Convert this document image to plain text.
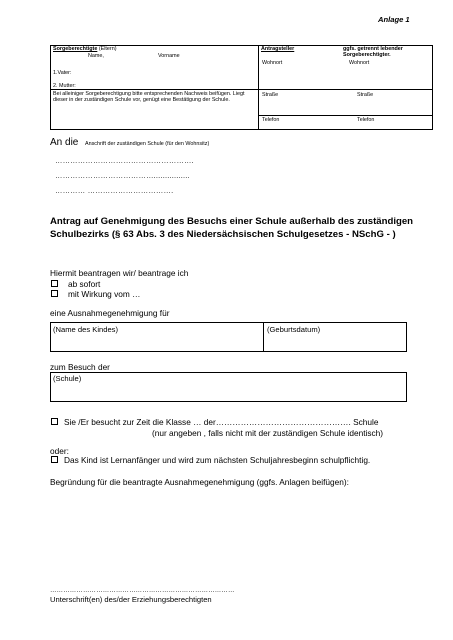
Anlage 1
Sorgeberechtigte (Eltern)
Name,	Vorname
1.Vater:
2. Mutter:
Bei alleiniger Sorgeberechtigung bitte entsprechenden Nachweis beifügen. Liegt dieser in der zuständigen Schule vor, genügt eine Bestätigung der Schule.
Antragsteller	ggfs. getrennt lebender Sorgeberechtigter.
Wohnort	Wohnort
Straße	Straße
Telefon	Telefon
An die Anschrift der zuständigen Schule (für den Wohnsitz)
……………………………………………….
…………………………………................
………… …………………………….
Antrag auf Genehmigung des Besuchs einer Schule außerhalb des zuständigen Schulbezirks (§ 63 Abs. 3 des Niedersächsischen Schulgesetzes - NSchG - )
Hiermit beantragen wir/ beantrage ich
ab sofort
mit Wirkung vom …
eine Ausnahmegenehmigung für
(Name des Kindes)	(Geburtsdatum)
zum Besuch der
(Schule)
Sie /Er besucht zur Zeit die Klasse … der…………………………………………. Schule
(nur angeben , falls nicht mit der zuständigen Schule identisch)
oder:
Das Kind ist Lernanfänger und wird zum nächsten Schuljahresbeginn schulpflichtig.
Begründung für die beantragte Ausnahmegenehmigung (ggfs. Anlagen beifügen):
…………………………………………………………………………
Unterschrift(en) des/der Erziehungsberechtigten
